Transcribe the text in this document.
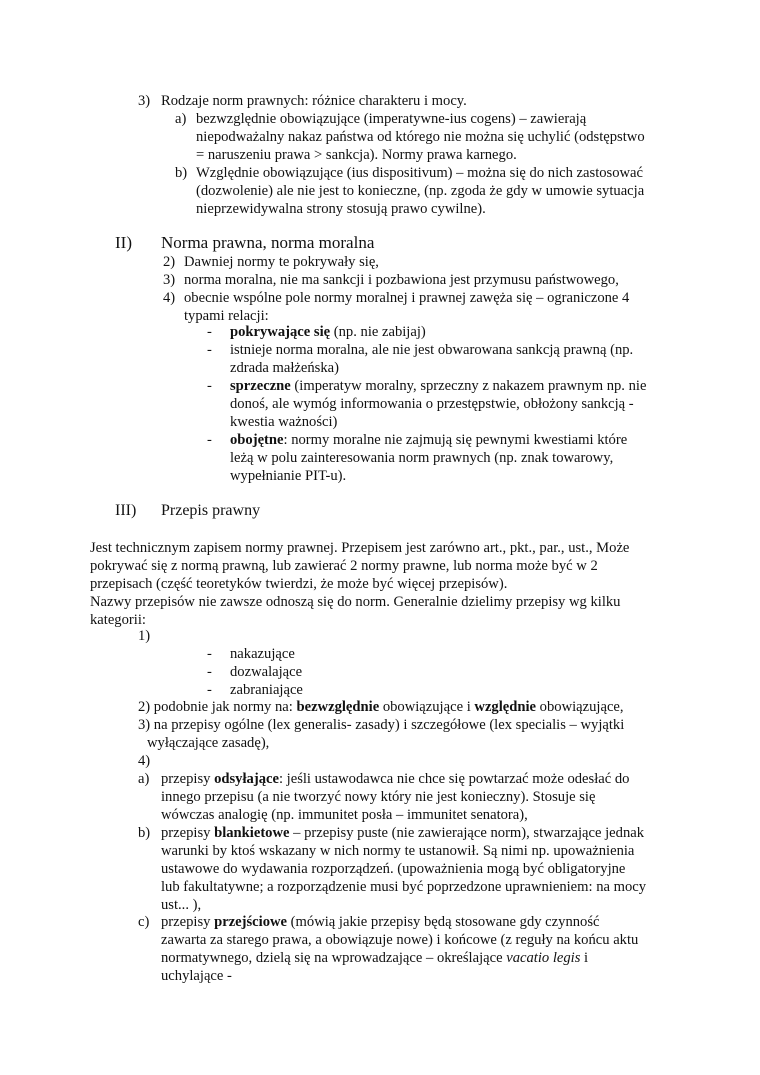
3) Rodzaje norm prawnych: różnice charakteru i mocy.
a) bezwzględnie obowiązujące (imperatywne-ius cogens) – zawierają
niepodważalny nakaz państwa od którego nie można się uchylić (odstępstwo
= naruszeniu prawa > sankcja). Normy prawa karnego.
b) Względnie obowiązujące (ius dispositivum) – można się do nich zastosować
(dozwolenie) ale nie jest to konieczne, (np. zgoda że gdy w umowie sytuacja
nieprzewidywalna strony stosują prawo cywilne).
II) Norma prawna, norma moralna
2) Dawniej normy te pokrywały się,
3) norma moralna, nie ma sankcji i pozbawiona jest przymusu państwowego,
4) obecnie wspólne pole normy moralnej i prawnej zawęża się – ograniczone 4
typami relacji:
- pokrywające się (np. nie zabijaj)
- istnieje norma moralna, ale nie jest obwarowana sankcją prawną (np.
zdrada małżeńska)
- sprzeczne (imperatyw moralny, sprzeczny z nakazem prawnym np. nie
donoś, ale wymóg informowania o przestępstwie, obłożony sankcją -
kwestia ważności)
- obojętne: normy moralne nie zajmują się pewnymi kwestiami które
leżą w polu zainteresowania norm prawnych (np. znak towarowy,
wypełnianie PIT-u).
III) Przepis prawny
Jest technicznym zapisem normy prawnej. Przepisem jest zarówno art., pkt., par., ust., Może
pokrywać się z normą prawną, lub zawierać 2 normy prawne, lub norma może być w 2
przepisach (część teoretyków twierdzi, że może być więcej przepisów).
Nazwy przepisów nie zawsze odnoszą się do norm. Generalnie dzielimy przepisy wg kilku
kategorii:
1)
- nakazujące
- dozwalające
- zabraniające
2) podobnie jak normy na: bezwzględnie obowiązujące i względnie obowiązujące,
3) na przepisy ogólne (lex generalis- zasady) i szczegółowe (lex specialis – wyjątki
wyłączające zasadę),
4)
a) przepisy odsyłające: jeśli ustawodawca nie chce się powtarzać może odesłać do
innego przepisu (a nie tworzyć nowy który nie jest konieczny). Stosuje się
wówczas analogię (np. immunitet posła – immunitet senatora),
b) przepisy blankietowe – przepisy puste (nie zawierające norm), stwarzające jednak
warunki by ktoś wskazany w nich normy te ustanowił. Są nimi np. upoważnienia
ustawowe do wydawania rozporządzeń. (upoważnienia mogą być obligatoryjne
lub fakultatywne; a rozporządzenie musi być poprzedzone uprawnieniem: na mocy
ust... ),
c) przepisy przejściowe (mówią jakie przepisy będą stosowane gdy czynność
zawarta za starego prawa, a obowiązuje nowe) i końcowe (z reguły na końcu aktu
normatywnego, dzielą się na wprowadzające – określające vacatio legis i
uchylające -
